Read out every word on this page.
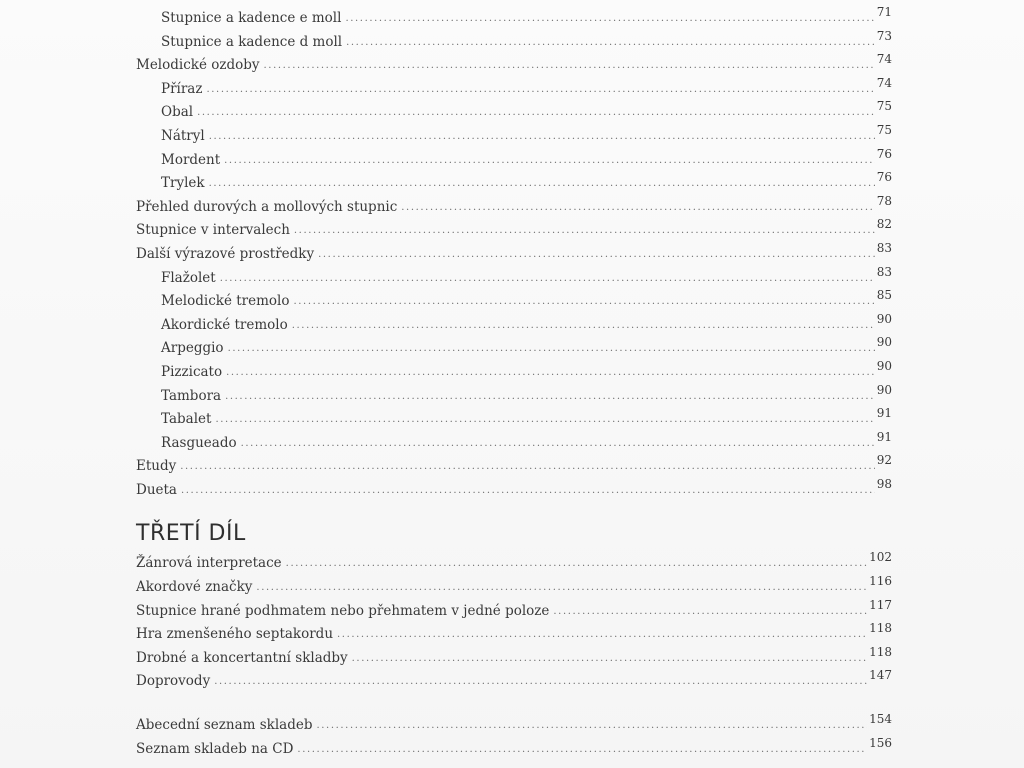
Stupnice a kadence e moll .....	71
Stupnice a kadence d moll .....	73
Melodické ozdoby .....	74
Příraz .....	74
Obal .....	75
Nátryl .....	75
Mordent .....	76
Trylek .....	76
Přehled durových a mollových stupnic .....	78
Stupnice v intervalech .....	82
Další výrazové prostředky .....	83
Flažolet .....	83
Melodické tremolo .....	85
Akordické tremolo .....	90
Arpeggio .....	90
Pizzicato .....	90
Tambora .....	90
Tabalet .....	91
Rasgueado .....	91
Etudy .....	92
Dueta .....	98
TŘETÍ DÍL
Žánrová interpretace .....	102
Akordové značky .....	116
Stupnice hrané podhmatem nebo přehmatem v jedné poloze .....	117
Hra zmenšeného septakordu .....	118
Drobné a koncertantní skladby .....	118
Doprovody .....	147
Abecední seznam skladeb .....	154
Seznam skladeb na CD .....	156
